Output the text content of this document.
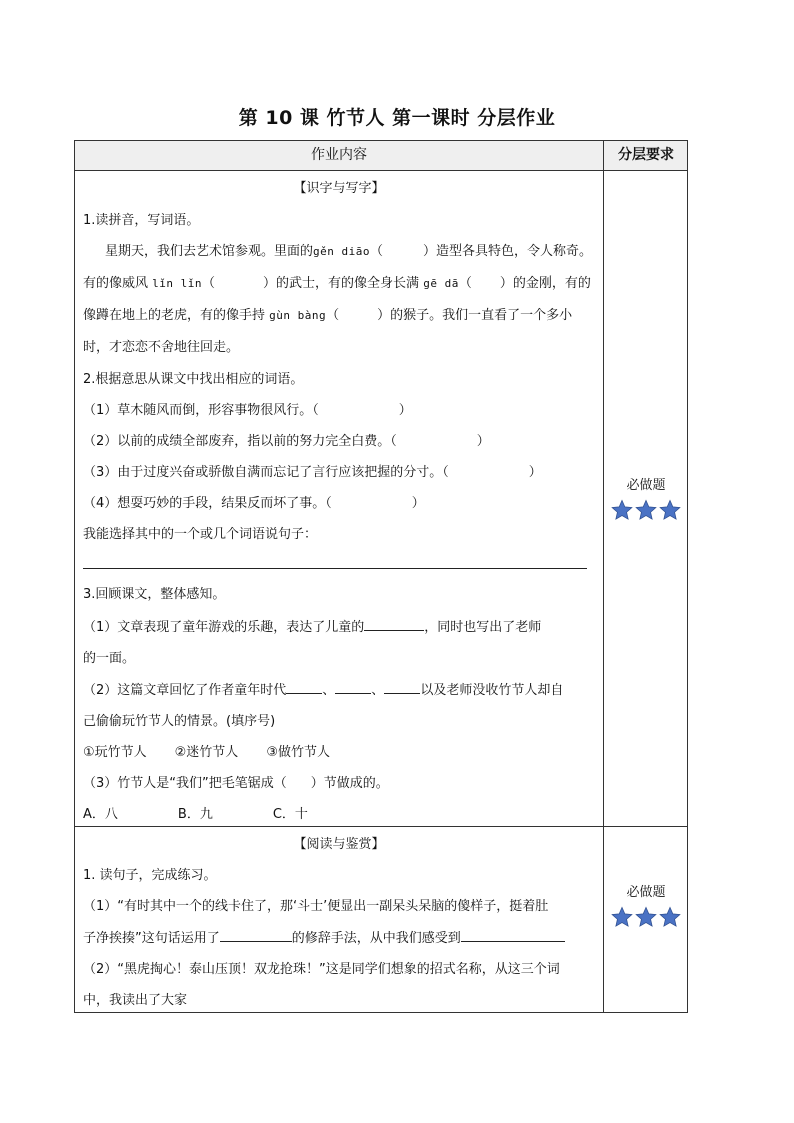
第 10 课 竹节人 第一课时 分层作业
作业内容	分层要求
【识字与写字】
1.读拼音，写词语。
星期天，我们去艺术馆参观。里面的gěn diāo（	）造型各具特色，令人称奇。
有的像威风 lǐn lǐn（	）的武士，有的像全身长满 gē dā（ ）的金刚，有的
像蹲在地上的老虎，有的像手持 gùn bàng（	）的猴子。我们一直看了一个多小
时，才恋恋不舍地往回走。
2.根据意思从课文中找出相应的词语。
（1）草木随风而倒，形容事物很风行。（	）
（2）以前的成绩全部废弃，指以前的努力完全白费。（	）
（3）由于过度兴奋或骄傲自满而忘记了言行应该把握的分寸。（	）
（4）想耍巧妙的手段，结果反而坏了事。（	）
我能选择其中的一个或几个词语说句子：
3.回顾课文，整体感知。
（1）文章表现了童年游戏的乐趣，表达了儿童的	，同时也写出了老师
的一面。
（2）这篇文章回忆了作者童年时代	、	、	以及老师没收竹节人却自
己偷偷玩竹节人的情景。(填序号)
①玩竹节人 ②迷竹节人 ③做竹节人
（3）竹节人是“我们”把毛笔锯成（ ）节做成的。
A．八	B．九	C．十
必做题
【阅读与鉴赏】
1. 读句子，完成练习。
（1）“有时其中一个的线卡住了，那‘斗士’便显出一副呆头呆脑的傻样子，挺着肚
子净挨揍”这句话运用了	的修辞手法，从中我们感受到
（2）“黑虎掏心！泰山压顶！双龙抢珠！”这是同学们想象的招式名称，从这三个词
中，我读出了大家
必做题
